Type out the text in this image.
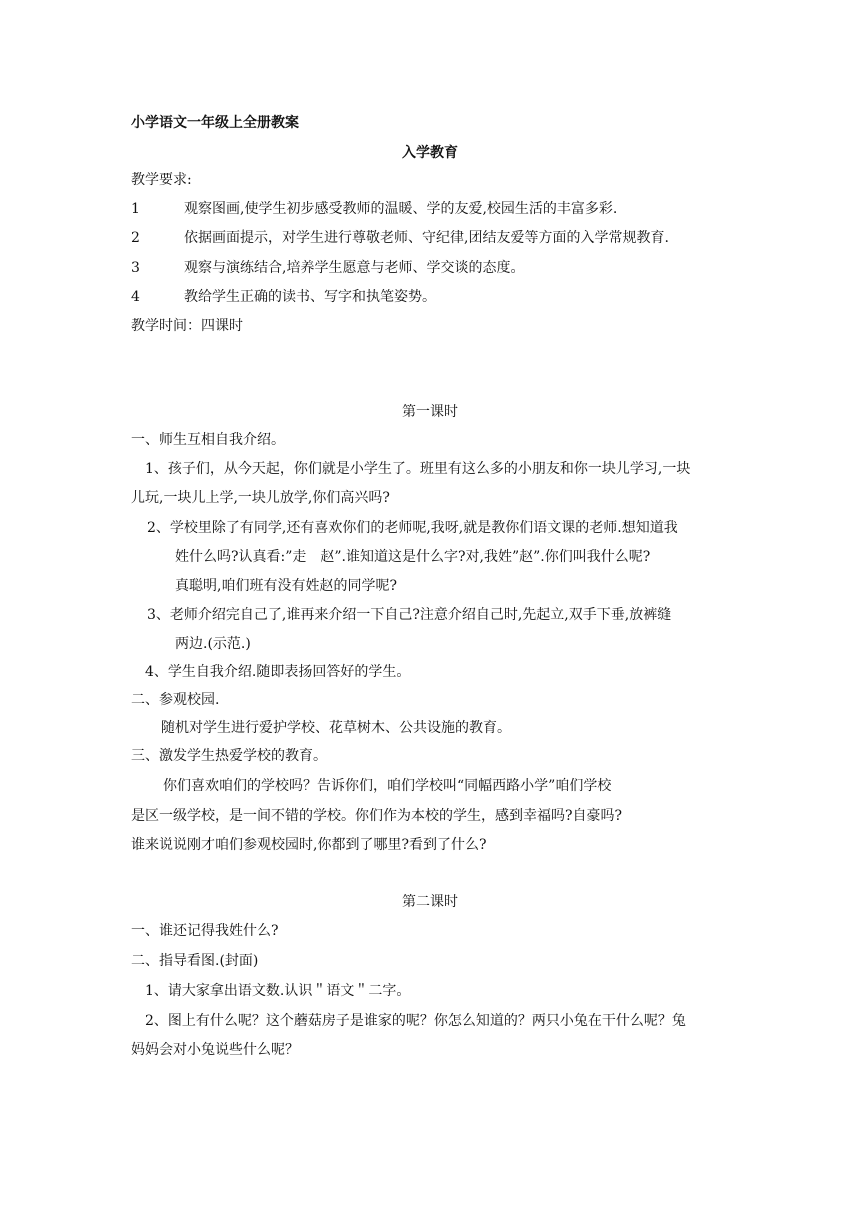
小学语文一年级上全册教案
入学教育
教学要求:
1	观察图画,使学生初步感受教师的温暖、学的友爱,校园生活的丰富多彩.
2	依据画面提示，对学生进行尊敬老师、守纪律,团结友爱等方面的入学常规教育.
3	观察与演练结合,培养学生愿意与老师、学交谈的态度。
4	教给学生正确的读书、写字和执笔姿势。
教学时间：四课时
第一课时
一、师生互相自我介绍。
1、孩子们，从今天起，你们就是小学生了。班里有这么多的小朋友和你一块儿学习,一块
儿玩,一块儿上学,一块儿放学,你们高兴吗?
2、学校里除了有同学,还有喜欢你们的老师呢,我呀,就是教你们语文课的老师.想知道我
姓什么吗?认真看:”走　赵”.谁知道这是什么字?对,我姓”赵”.你们叫我什么呢?
真聪明,咱们班有没有姓赵的同学呢?
3、老师介绍完自己了,谁再来介绍一下自己?注意介绍自己时,先起立,双手下垂,放裤缝
两边.(示范.)
4、学生自我介绍.随即表扬回答好的学生。
二、参观校园.
随机对学生进行爱护学校、花草树木、公共设施的教育。
三、激发学生热爱学校的教育。
你们喜欢咱们的学校吗？告诉你们，咱们学校叫“同幅西路小学”咱们学校
是区一级学校，是一间不错的学校。你们作为本校的学生，感到幸福吗?自豪吗?
谁来说说刚才咱们参观校园时,你都到了哪里?看到了什么?
第二课时
一、谁还记得我姓什么?
二、指导看图.(封面)
1、请大家拿出语文数.认识＂语文＂二字。
2、图上有什么呢？这个蘑菇房子是谁家的呢？你怎么知道的？两只小兔在干什么呢？兔
妈妈会对小兔说些什么呢？
